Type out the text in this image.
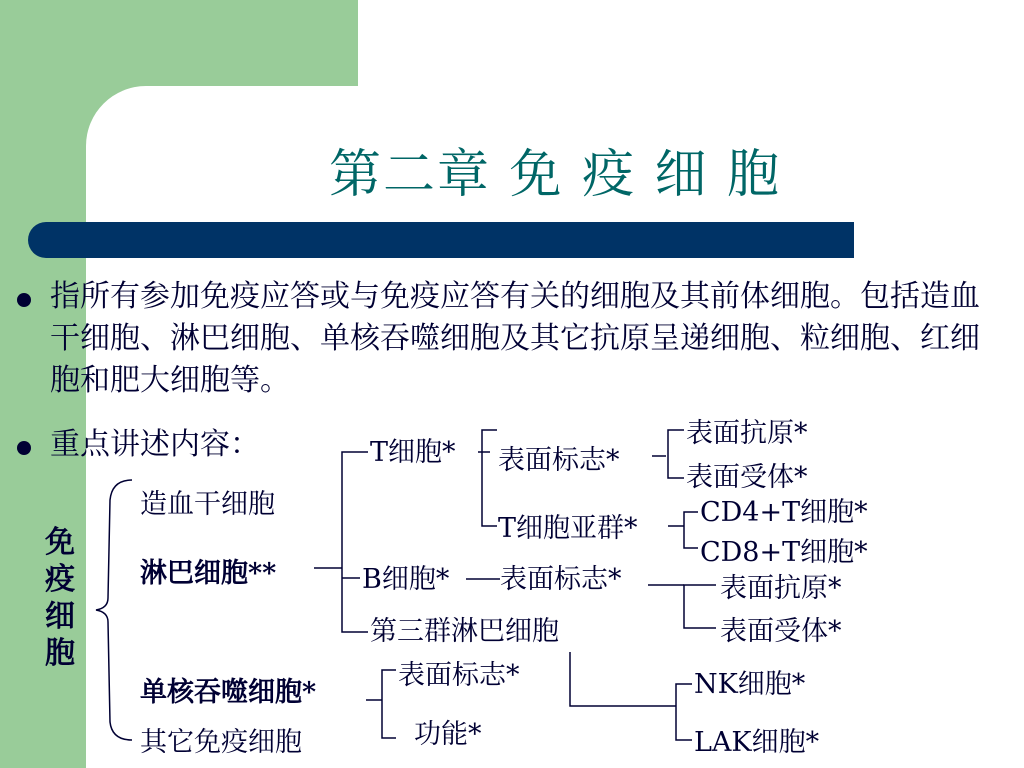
第二章 免 疫 细 胞
指所有参加免疫应答或与免疫应答有关的细胞及其前体细胞。包括造血干细胞、淋巴细胞、单核吞噬细胞及其它抗原呈递细胞、粒细胞、红细胞和肥大细胞等。
重点讲述内容：
免疫细胞
造血干细胞
淋巴细胞**
单核吞噬细胞*
其它免疫细胞
T细胞*
B细胞*
第三群淋巴细胞
表面标志*
T细胞亚群*
表面抗原*
表面受体*
CD4+T细胞*
CD8+T细胞*
表面标志*	表面抗原*
表面受体*
表面标志*
功能*
NK细胞*
LAK细胞*
